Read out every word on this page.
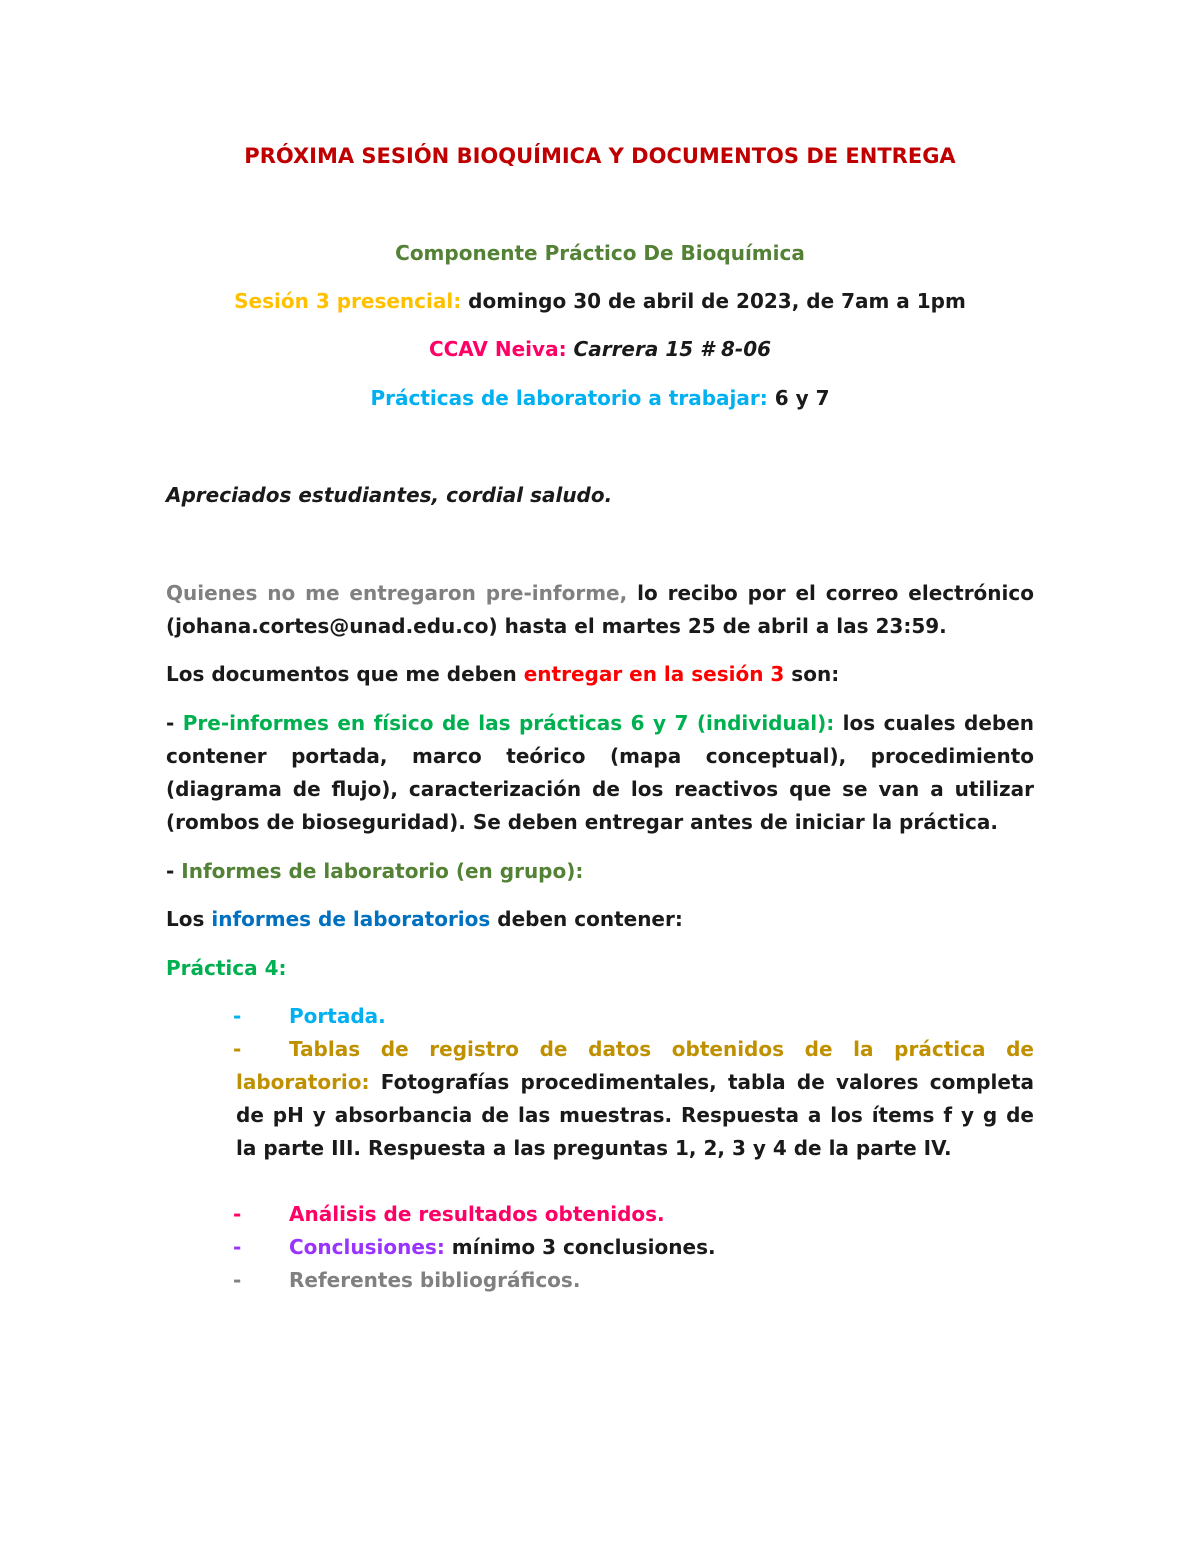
PRÓXIMA SESIÓN BIOQUÍMICA Y DOCUMENTOS DE ENTREGA
Componente Práctico De Bioquímica
Sesión 3 presencial: domingo 30 de abril de 2023, de 7am a 1pm
CCAV Neiva: Carrera 15 # 8-06
Prácticas de laboratorio a trabajar: 6 y 7
Apreciados estudiantes, cordial saludo.
Quienes no me entregaron pre-informe, lo recibo por el correo electrónico (johana.cortes@unad.edu.co) hasta el martes 25 de abril a las 23:59.
Los documentos que me deben entregar en la sesión 3 son:
- Pre-informes en físico de las prácticas 6 y 7 (individual): los cuales deben contener portada, marco teórico (mapa conceptual), procedimiento (diagrama de flujo), caracterización de los reactivos que se van a utilizar (rombos de bioseguridad). Se deben entregar antes de iniciar la práctica.
- Informes de laboratorio (en grupo):
Los informes de laboratorios deben contener:
Práctica 4:
-	Portada.
-	Tablas de registro de datos obtenidos de la práctica de laboratorio: Fotografías procedimentales, tabla de valores completa de pH y absorbancia de las muestras. Respuesta a los ítems f y g de la parte III. Respuesta a las preguntas 1, 2, 3 y 4 de la parte IV.
-	Análisis de resultados obtenidos.
-	Conclusiones: mínimo 3 conclusiones.
-	Referentes bibliográficos.
